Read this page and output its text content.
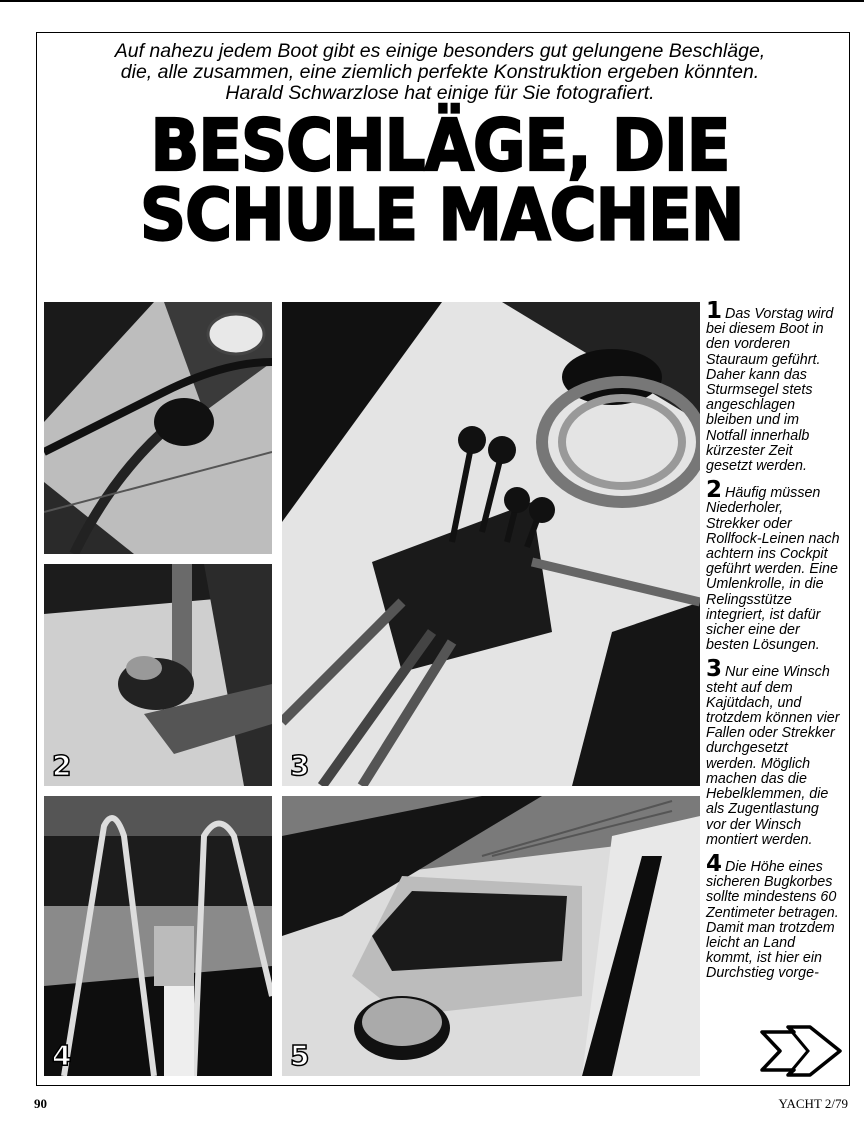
Auf nahezu jedem Boot gibt es einige besonders gut gelungene Beschläge,
die, alle zusammen, eine ziemlich perfekte Konstruktion ergeben könnten.
Harald Schwarzlose hat einige für Sie fotografiert.
BESCHLÄGE, DIE
SCHULE MACHEN
2	3
4	5

1 Das Vorstag wird bei diesem Boot in den vorderen Stauraum geführt. Daher kann das Sturmsegel stets angeschlagen bleiben und im Notfall innerhalb kürzester Zeit gesetzt werden.

2 Häufig müssen Niederholer, Strekker oder Rollfock-Leinen nach achtern ins Cockpit geführt werden. Eine Umlenkrolle, in die Relingsstütze integriert, ist dafür sicher eine der besten Lösungen.

3 Nur eine Winsch steht auf dem Kajütdach, und trotzdem können vier Fallen oder Strekker durchgesetzt werden. Möglich machen das die Hebelklemmen, die als Zugentlastung vor der Winsch montiert werden.

4 Die Höhe eines sicheren Bugkorbes sollte mindestens 60 Zentimeter betragen. Damit man trotzdem leicht an Land kommt, ist hier ein Durchstieg vorge-

90	YACHT 2/79
